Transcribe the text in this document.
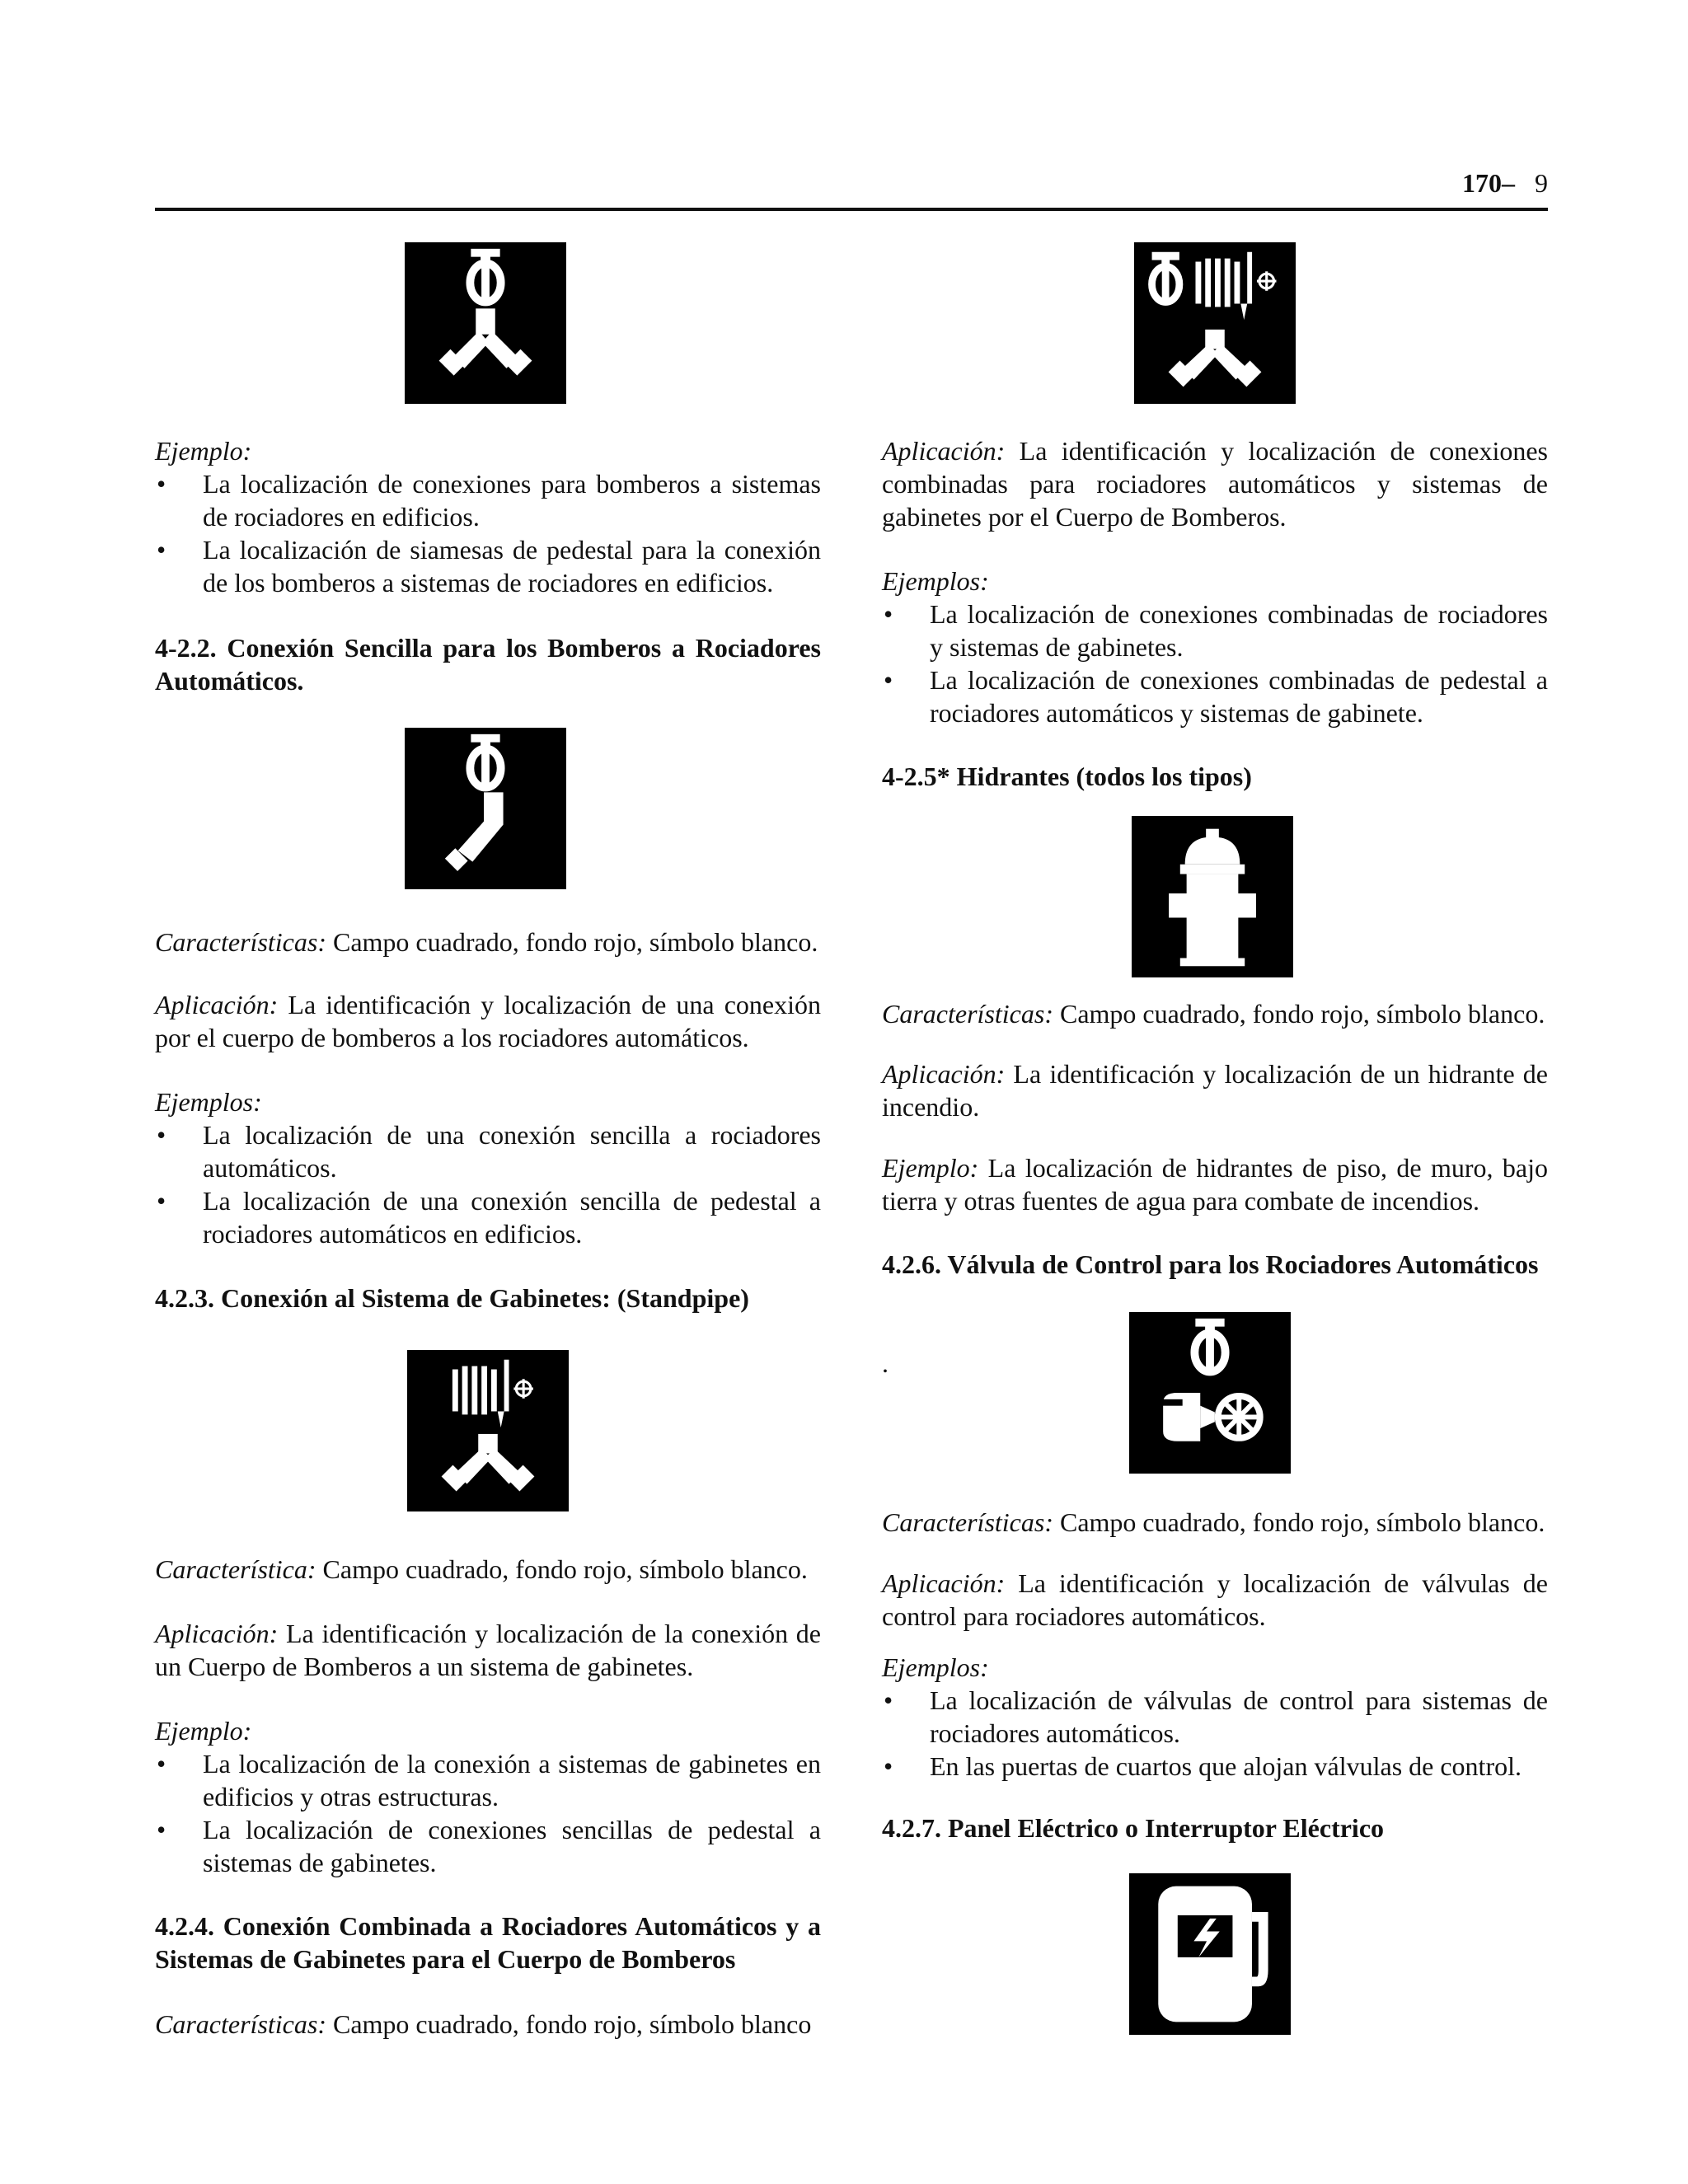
170– 9
Ejemplo:
• La localización de conexiones para bomberos a sistemas de rociadores en edificios.
• La localización de siamesas de pedestal para la conexión de los bomberos a sistemas de rociadores en edificios.
4-2.2. Conexión Sencilla para los Bomberos a Rociadores Automáticos.
Características: Campo cuadrado, fondo rojo, símbolo blanco.
Aplicación: La identificación y localización de una conexión por el cuerpo de bomberos a los rociadores automáticos.
Ejemplos:
• La localización de una conexión sencilla a rociadores automáticos.
• La localización de una conexión sencilla de pedestal a rociadores automáticos en edificios.
4.2.3. Conexión al Sistema de Gabinetes: (Standpipe)
Característica: Campo cuadrado, fondo rojo, símbolo blanco.
Aplicación: La identificación y localización de la conexión de un Cuerpo de Bomberos a un sistema de gabinetes.
Ejemplo:
• La localización de la conexión a sistemas de gabinetes en edificios y otras estructuras.
• La localización de conexiones sencillas de pedestal a sistemas de gabinetes.
4.2.4. Conexión Combinada a Rociadores Automáticos y a Sistemas de Gabinetes para el Cuerpo de Bomberos
Características: Campo cuadrado, fondo rojo, símbolo blanco
Aplicación: La identificación y localización de conexiones combinadas para rociadores automáticos y sistemas de gabinetes por el Cuerpo de Bomberos.
Ejemplos:
• La localización de conexiones combinadas de rociadores y sistemas de gabinetes.
• La localización de conexiones combinadas de pedestal a rociadores automáticos y sistemas de gabinete.
4-2.5* Hidrantes (todos los tipos)
Características: Campo cuadrado, fondo rojo, símbolo blanco.
Aplicación: La identificación y localización de un hidrante de incendio.
Ejemplo: La localización de hidrantes de piso, de muro, bajo tierra y otras fuentes de agua para combate de incendios.
4.2.6. Válvula de Control para los Rociadores Automáticos
.
Características: Campo cuadrado, fondo rojo, símbolo blanco.
Aplicación: La identificación y localización de válvulas de control para rociadores automáticos.
Ejemplos:
• La localización de válvulas de control para sistemas de rociadores automáticos.
• En las puertas de cuartos que alojan válvulas de control.
4.2.7. Panel Eléctrico o Interruptor Eléctrico
